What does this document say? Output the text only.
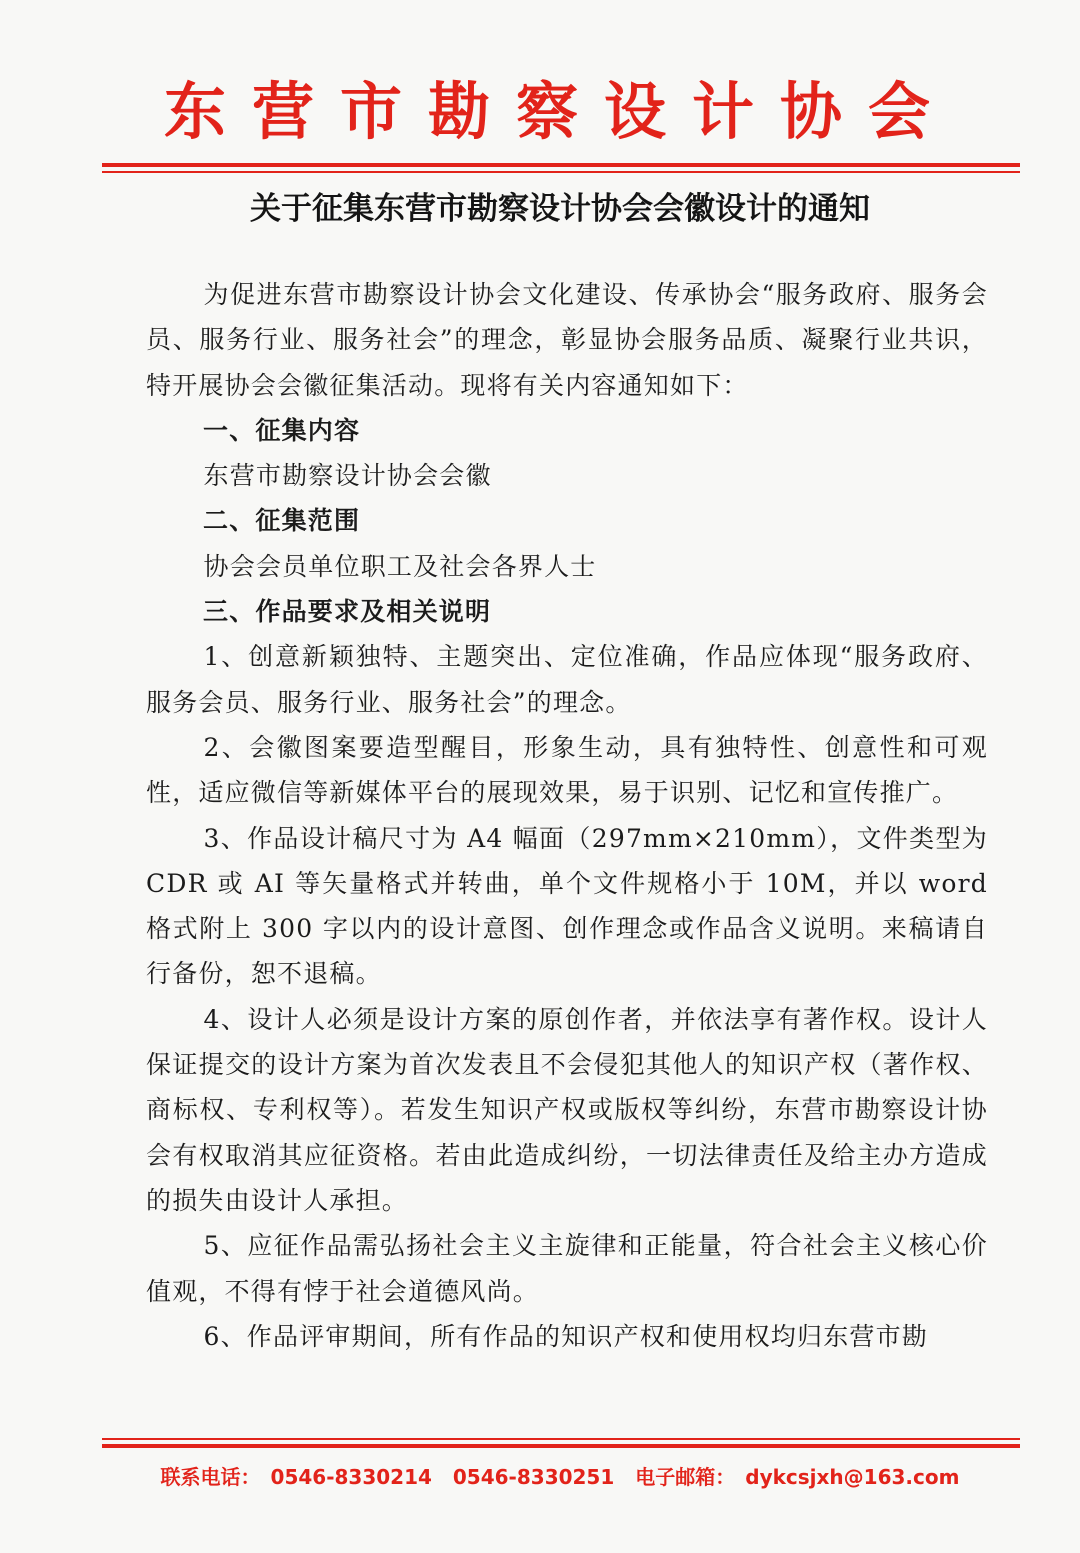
东营市勘察设计协会
关于征集东营市勘察设计协会会徽设计的通知

为促进东营市勘察设计协会文化建设、传承协会“服务政府、服务会员、服务行业、服务社会”的理念，彰显协会服务品质、凝聚行业共识，特开展协会会徽征集活动。现将有关内容通知如下：

一、征集内容

东营市勘察设计协会会徽

二、征集范围

协会会员单位职工及社会各界人士

三、作品要求及相关说明

1、创意新颖独特、主题突出、定位准确，作品应体现“服务政府、服务会员、服务行业、服务社会”的理念。

2、会徽图案要造型醒目，形象生动，具有独特性、创意性和可观性，适应微信等新媒体平台的展现效果，易于识别、记忆和宣传推广。

3、作品设计稿尺寸为 A4 幅面（297mm×210mm），文件类型为 CDR 或 AI 等矢量格式并转曲，单个文件规格小于 10M，并以 word 格式附上 300 字以内的设计意图、创作理念或作品含义说明。来稿请自行备份，恕不退稿。

4、设计人必须是设计方案的原创作者，并依法享有著作权。设计人保证提交的设计方案为首次发表且不会侵犯其他人的知识产权（著作权、商标权、专利权等）。若发生知识产权或版权等纠纷，东营市勘察设计协会有权取消其应征资格。若由此造成纠纷，一切法律责任及给主办方造成的损失由设计人承担。

5、应征作品需弘扬社会主义主旋律和正能量，符合社会主义核心价值观，不得有悖于社会道德风尚。

6、作品评审期间，所有作品的知识产权和使用权均归东营市勘

联系电话： 0546-8330214 0546-8330251 电子邮箱： dykcsjxh@163.com
